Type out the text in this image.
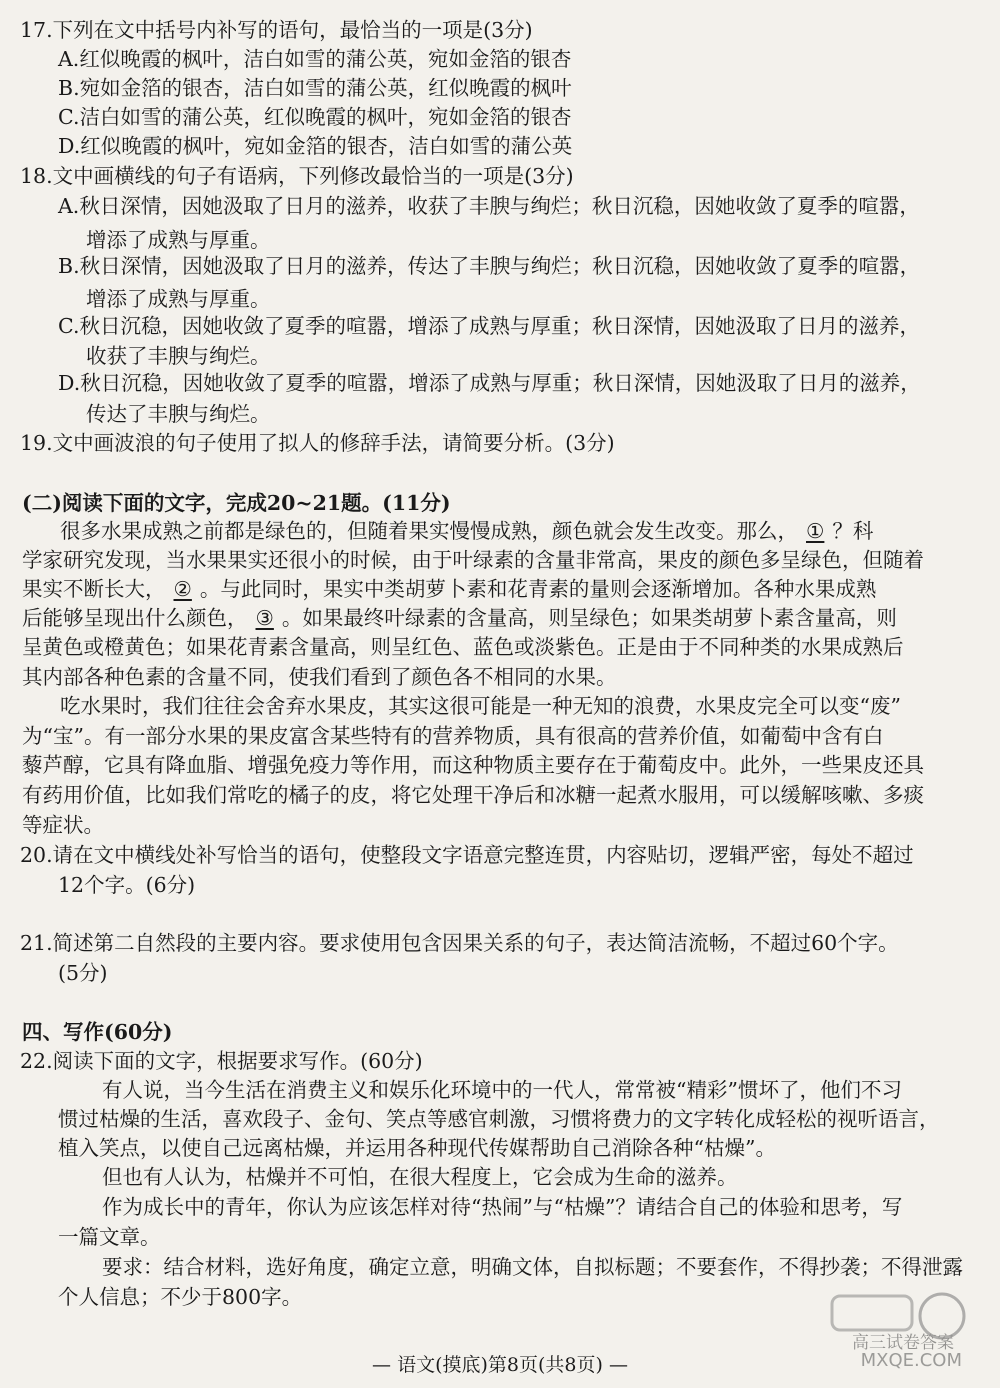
17.下列在文中括号内补写的语句，最恰当的一项是(3分)
A.红似晚霞的枫叶，洁白如雪的蒲公英，宛如金箔的银杏
B.宛如金箔的银杏，洁白如雪的蒲公英，红似晚霞的枫叶
C.洁白如雪的蒲公英，红似晚霞的枫叶，宛如金箔的银杏
D.红似晚霞的枫叶，宛如金箔的银杏，洁白如雪的蒲公英
18.文中画横线的句子有语病，下列修改最恰当的一项是(3分)
A.秋日深情，因她汲取了日月的滋养，收获了丰腴与绚烂；秋日沉稳，因她收敛了夏季的喧嚣，
增添了成熟与厚重。
B.秋日深情，因她汲取了日月的滋养，传达了丰腴与绚烂；秋日沉稳，因她收敛了夏季的喧嚣，
增添了成熟与厚重。
C.秋日沉稳，因她收敛了夏季的喧嚣，增添了成熟与厚重；秋日深情，因她汲取了日月的滋养，
收获了丰腴与绚烂。
D.秋日沉稳，因她收敛了夏季的喧嚣，增添了成熟与厚重；秋日深情，因她汲取了日月的滋养，
传达了丰腴与绚烂。
19.文中画波浪的句子使用了拟人的修辞手法，请简要分析。(3分)
(二)阅读下面的文字，完成20~21题。(11分)
很多水果成熟之前都是绿色的，但随着果实慢慢成熟，颜色就会发生改变。那么， ① ？科
学家研究发现，当水果果实还很小的时候，由于叶绿素的含量非常高，果皮的颜色多呈绿色，但随着
果实不断长大， ② 。与此同时，果实中类胡萝卜素和花青素的量则会逐渐增加。各种水果成熟
后能够呈现出什么颜色， ③ 。如果最终叶绿素的含量高，则呈绿色；如果类胡萝卜素含量高，则
呈黄色或橙黄色；如果花青素含量高，则呈红色、蓝色或淡紫色。正是由于不同种类的水果成熟后
其内部各种色素的含量不同，使我们看到了颜色各不相同的水果。
吃水果时，我们往往会舍弃水果皮，其实这很可能是一种无知的浪费，水果皮完全可以变“废”
为“宝”。有一部分水果的果皮富含某些特有的营养物质，具有很高的营养价值，如葡萄中含有白
藜芦醇，它具有降血脂、增强免疫力等作用，而这种物质主要存在于葡萄皮中。此外，一些果皮还具
有药用价值，比如我们常吃的橘子的皮，将它处理干净后和冰糖一起煮水服用，可以缓解咳嗽、多痰
等症状。
20.请在文中横线处补写恰当的语句，使整段文字语意完整连贯，内容贴切，逻辑严密，每处不超过
12个字。(6分)
21.简述第二自然段的主要内容。要求使用包含因果关系的句子，表达简洁流畅，不超过60个字。
(5分)
四、写作(60分)
22.阅读下面的文字，根据要求写作。(60分)
有人说，当今生活在消费主义和娱乐化环境中的一代人，常常被“精彩”惯坏了，他们不习
惯过枯燥的生活，喜欢段子、金句、笑点等感官刺激，习惯将费力的文字转化成轻松的视听语言，
植入笑点，以使自己远离枯燥，并运用各种现代传媒帮助自己消除各种“枯燥”。
但也有人认为，枯燥并不可怕，在很大程度上，它会成为生命的滋养。
作为成长中的青年，你认为应该怎样对待“热闹”与“枯燥”？请结合自己的体验和思考，写
一篇文章。
要求：结合材料，选好角度，确定立意，明确文体，自拟标题；不要套作，不得抄袭；不得泄露
个人信息；不少于800字。
— 语文(摸底)第8页(共8页) —
高三试卷答案
MXQE.COM
